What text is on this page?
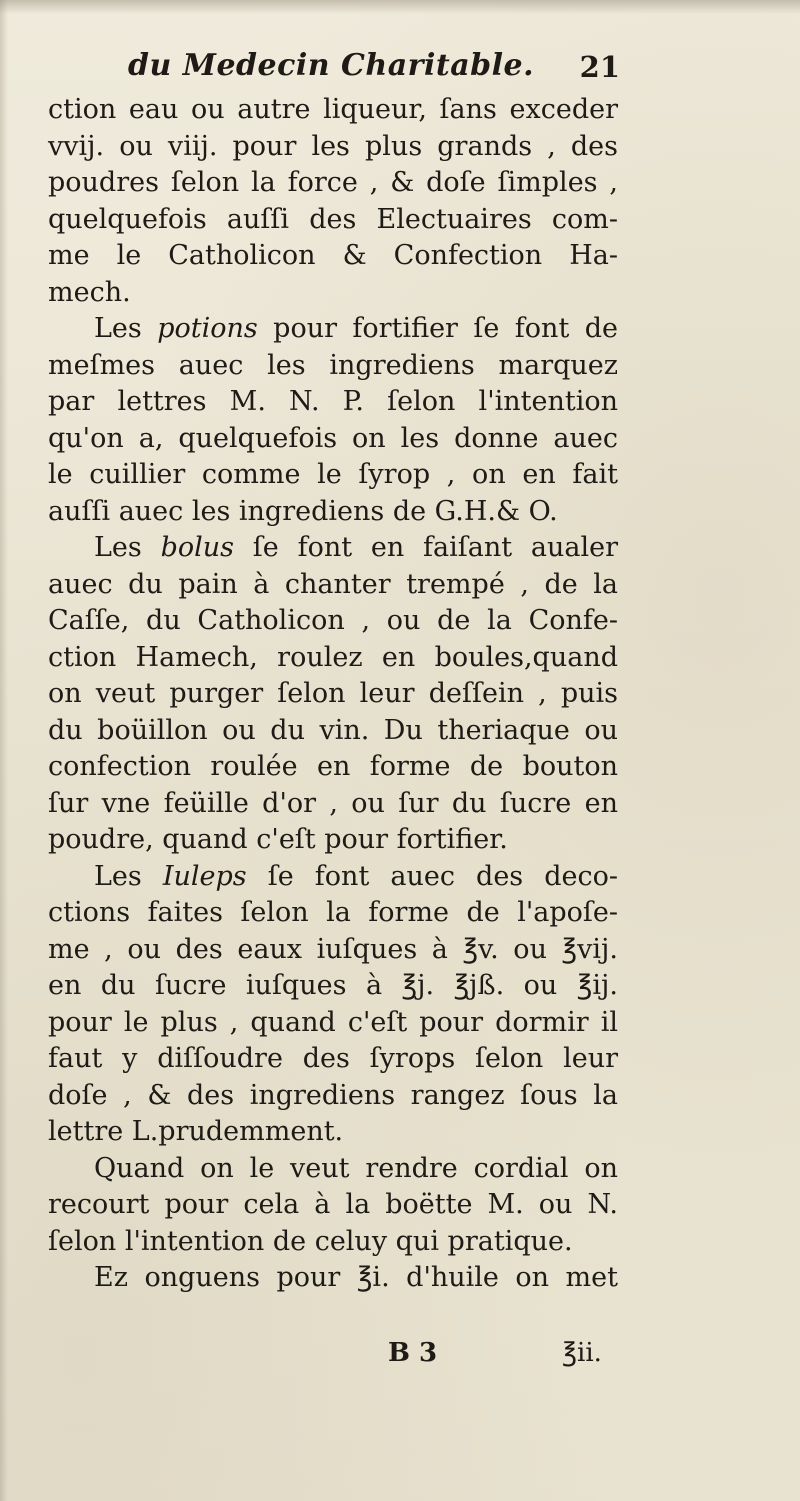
du Medecin Charitable. 21
ction eau ou autre liqueur, ſans exceder
vvij. ou viij. pour les plus grands , des
poudres ſelon la force , & doſe ſimples ,
quelquefois auſſi des Electuaires com-
me le Catholicon & Confection Ha-
mech.
Les potions pour fortifier ſe font de
meſmes auec les ingrediens marquez
par lettres M. N. P. ſelon l'intention
qu'on a, quelquefois on les donne auec
le cuillier comme le ſyrop , on en fait
auſſi auec les ingrediens de G.H.& O.
Les bolus ſe font en faiſant aualer
auec du pain à chanter trempé , de la
Caſſe, du Catholicon , ou de la Confe-
ction Hamech, roulez en boules,quand
on veut purger ſelon leur deſſein , puis
du boüillon ou du vin. Du theriaque ou
confection roulée en forme de bouton
ſur vne feüille d'or , ou ſur du ſucre en
poudre, quand c'eſt pour fortifier.
Les Iuleps ſe font auec des deco-
ctions faites ſelon la forme de l'apoſe-
me , ou des eaux iuſques à ℥v. ou ℥vij.
en du ſucre iuſques à ℥j. ℥jß. ou ℥ij.
pour le plus , quand c'eſt pour dormir il
faut y diſſoudre des ſyrops ſelon leur
doſe , & des ingrediens rangez ſous la
lettre L.prudemment.
Quand on le veut rendre cordial on
recourt pour cela à la boëtte M. ou N.
ſelon l'intention de celuy qui pratique.
Ez onguens pour ℥i. d'huile on met
B 3	℥ii.
